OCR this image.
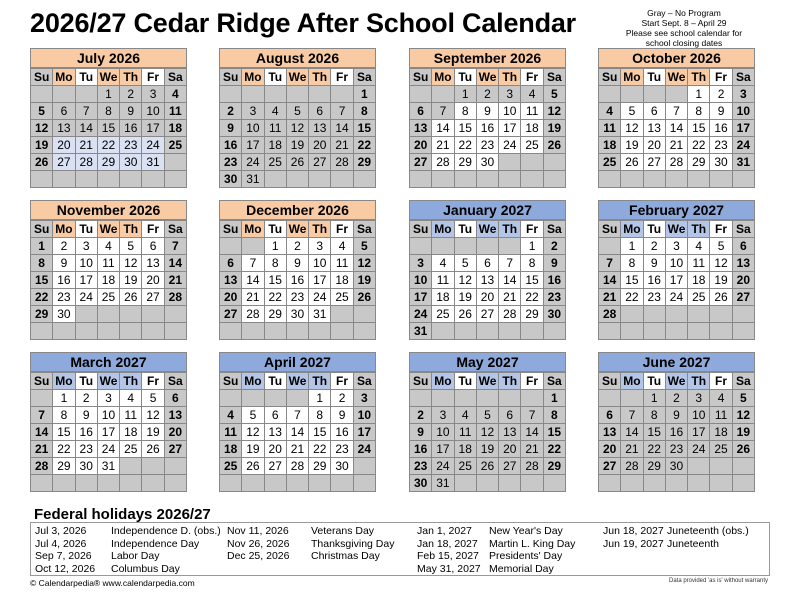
2026/27 Cedar Ridge After School Calendar	Gray – No Program
Start Sept. 8 – April 29
Please see school calendar for
school closing dates
July 2026
Su	Mo	Tu	We	Th	Fr	Sa
			1	2	3	4
5	6	7	8	9	10	11
12	13	14	15	16	17	18
19	20	21	22	23	24	25
26	27	28	29	30	31	

August 2026
Su	Mo	Tu	We	Th	Fr	Sa
						1
2	3	4	5	6	7	8
9	10	11	12	13	14	15
16	17	18	19	20	21	22
23	24	25	26	27	28	29
30	31					
September 2026
Su	Mo	Tu	We	Th	Fr	Sa
		1	2	3	4	5
6	7	8	9	10	11	12
13	14	15	16	17	18	19
20	21	22	23	24	25	26
27	28	29	30			

October 2026
Su	Mo	Tu	We	Th	Fr	Sa
				1	2	3
4	5	6	7	8	9	10
11	12	13	14	15	16	17
18	19	20	21	22	23	24
25	26	27	28	29	30	31

November 2026
Su	Mo	Tu	We	Th	Fr	Sa
1	2	3	4	5	6	7
8	9	10	11	12	13	14
15	16	17	18	19	20	21
22	23	24	25	26	27	28
29	30					

December 2026
Su	Mo	Tu	We	Th	Fr	Sa
		1	2	3	4	5
6	7	8	9	10	11	12
13	14	15	16	17	18	19
20	21	22	23	24	25	26
27	28	29	30	31		

January 2027
Su	Mo	Tu	We	Th	Fr	Sa
					1	2
3	4	5	6	7	8	9
10	11	12	13	14	15	16
17	18	19	20	21	22	23
24	25	26	27	28	29	30
31						
February 2027
Su	Mo	Tu	We	Th	Fr	Sa
	1	2	3	4	5	6
7	8	9	10	11	12	13
14	15	16	17	18	19	20
21	22	23	24	25	26	27
28						

March 2027
Su	Mo	Tu	We	Th	Fr	Sa
	1	2	3	4	5	6
7	8	9	10	11	12	13
14	15	16	17	18	19	20
21	22	23	24	25	26	27
28	29	30	31			

April 2027
Su	Mo	Tu	We	Th	Fr	Sa
				1	2	3
4	5	6	7	8	9	10
11	12	13	14	15	16	17
18	19	20	21	22	23	24
25	26	27	28	29	30	

May 2027
Su	Mo	Tu	We	Th	Fr	Sa
						1
2	3	4	5	6	7	8
9	10	11	12	13	14	15
16	17	18	19	20	21	22
23	24	25	26	27	28	29
30	31					
June 2027
Su	Mo	Tu	We	Th	Fr	Sa
		1	2	3	4	5
6	7	8	9	10	11	12
13	14	15	16	17	18	19
20	21	22	23	24	25	26
27	28	29	30			

Federal holidays 2026/27
Jul 3, 2026 Independence D. (obs.)
Jul 4, 2026 Independence Day
Sep 7, 2026 Labor Day
Oct 12, 2026 Columbus Day
Nov 11, 2026 Veterans Day
Nov 26, 2026 Thanksgiving Day
Dec 25, 2026 Christmas Day
Jan 1, 2027 New Year's Day
Jan 18, 2027 Martin L. King Day
Feb 15, 2027 Presidents' Day
May 31, 2027 Memorial Day
Jun 18, 2027 Juneteenth (obs.)
Jun 19, 2027 Juneteenth
© Calendarpedia® www.calendarpedia.com	Data provided 'as is' without warranty
